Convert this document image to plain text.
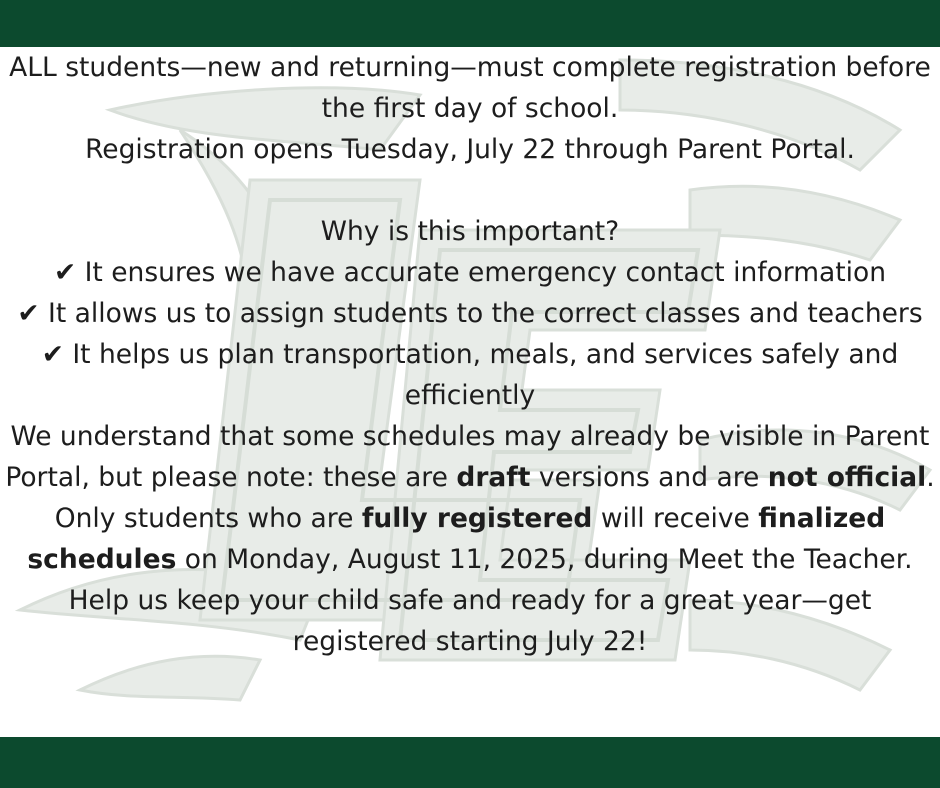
ALL students—new and returning—must complete registration before the first day of school.

Registration opens Tuesday, July 22 through Parent Portal.

Why is this important?

✔ It ensures we have accurate emergency contact information

✔ It allows us to assign students to the correct classes and teachers

✔ It helps us plan transportation, meals, and services safely and efficiently

We understand that some schedules may already be visible in Parent Portal, but please note: these are draft versions and are not official. Only students who are fully registered will receive finalized schedules on Monday, August 11, 2025, during Meet the Teacher.

Help us keep your child safe and ready for a great year—get registered starting July 22!
